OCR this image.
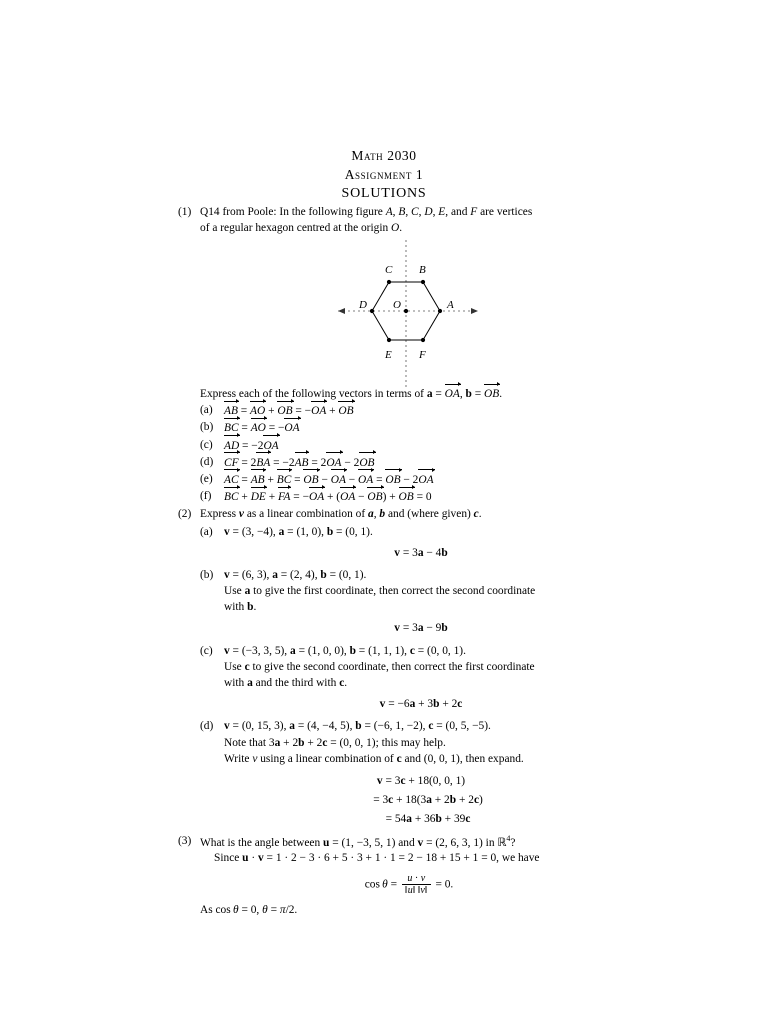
Math 2030
Assignment 1
SOLUTIONS
(1) Q14 from Poole: In the following figure A, B, C, D, E, and F are vertices
of a regular hexagon centred at the origin O.
C B
D O	A
E F
Express each of the following vectors in terms of a = OA, b = OB.
(a) AB = AO + OB = −OA + OB
(b) BC = AO = −OA
(c) AD = −2OA
(d) CF = 2BA = −2AB = 2OA − 2OB
(e) AC = AB + BC = OB − OA − OA = OB − 2OA
(f)	BC + DE + FA = −OA + (OA − OB) + OB = 0
(2) Express v as a linear combination of a, b and (where given) c.
(a) v = (3, −4), a = (1, 0), b = (0, 1).
v = 3a − 4b
(b) v = (6, 3), a = (2, 4), b = (0, 1).
Use a to give the first coordinate, then correct the second coordinate
with b.
v = 3a − 9b
(c) v = (−3, 3, 5), a = (1, 0, 0), b = (1, 1, 1), c = (0, 0, 1).
Use c to give the second coordinate, then correct the first coordinate
with a and the third with c.
v = −6a + 3b + 2c
(d) v = (0, 15, 3), a = (4, −4, 5), b = (−6, 1, −2), c = (0, 5, −5).
Note that 3a + 2b + 2c = (0, 0, 1); this may help.
Write v using a linear combination of c and (0, 0, 1), then expand.
v = 3c + 18(0, 0, 1)
= 3c + 18(3a + 2b + 2c)
= 54a + 36b + 39c
(3) What is the angle between u = (1, −3, 5, 1) and v = (2, 6, 3, 1) in ℝ$^4$?
Since u · v = 1 · 2 − 3 · 6 + 5 · 3 + 1 · 1 = 2 − 18 + 15 + 1 = 0, we have
$\cos \theta = \frac{u \cdot v}{‖u‖ ‖v‖} = 0$.
As cos θ = 0, θ = π/2.
